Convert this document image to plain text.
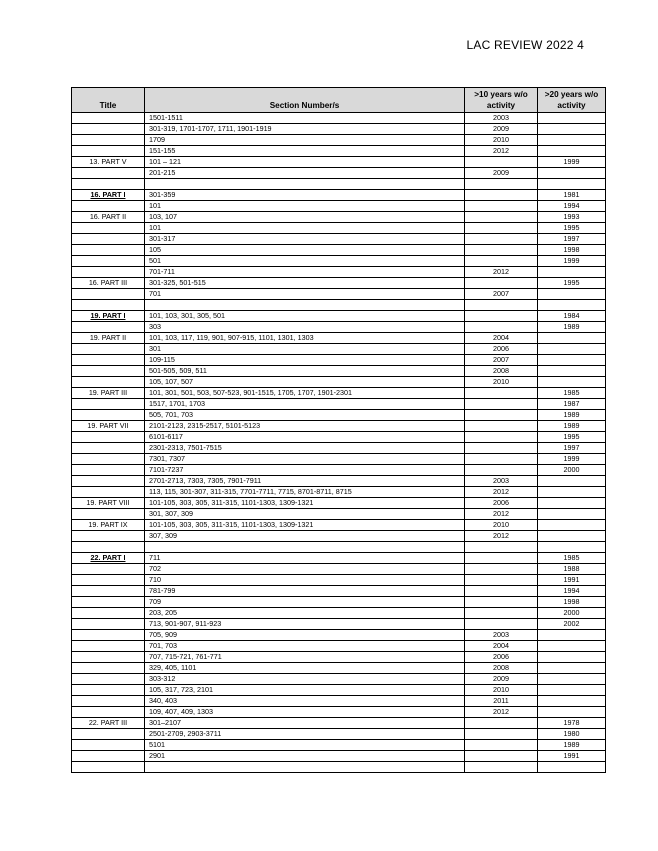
LAC REVIEW 2022 4
Title	Section Number/s	>10 years w/o activity	>20 years w/o activity
	1501-1511	2003	
	301-319, 1701-1707, 1711, 1901-1919	2009	
	1709	2010	
	151-155	2012	
13. PART V	101 – 121		1999
	201-215	2009	

16. PART I	301-359		1981
	101		1994
16. PART II	103, 107		1993
	101		1995
	301-317		1997
	105		1998
	501		1999
	701-711	2012	
16. PART III	301-325, 501-515		1995
	701	2007	

19. PART I	101, 103, 301, 305, 501		1984
	303		1989
19. PART II	101, 103, 117, 119, 901, 907-915, 1101, 1301, 1303	2004	
	301	2006	
	109-115	2007	
	501-505, 509, 511	2008	
	105, 107, 507	2010	
19. PART III	101, 301, 501, 503, 507-523, 901-1515, 1705, 1707, 1901-2301		1985
	1517, 1701, 1703		1987
	505, 701, 703		1989
19. PART VII	2101-2123, 2315-2517, 5101-5123		1989
	6101-6117		1995
	2301-2313, 7501-7515		1997
	7301, 7307		1999
	7101-7237		2000
	2701-2713, 7303, 7305, 7901-7911	2003	
	113, 115, 301-307, 311-315, 7701-7711, 7715, 8701-8711, 8715	2012	
19. PART VIII	101-105, 303, 305, 311-315, 1101-1303, 1309-1321	2006	
	301, 307, 309	2012	
19. PART IX	101-105, 303, 305, 311-315, 1101-1303, 1309-1321	2010	
	307, 309	2012	

22. PART I	711		1985
	702		1988
	710		1991
	781-799		1994
	709		1998
	203, 205		2000
	713, 901-907, 911-923		2002
	705, 909	2003	
	701, 703	2004	
	707, 715-721, 761-771	2006	
	329, 405, 1101	2008	
	303-312	2009	
	105, 317, 723, 2101	2010	
	340, 403	2011	
	109, 407, 409, 1303	2012	
22. PART III	301–2107		1978
	2501-2709, 2903-3711		1980
	5101		1989
	2901		1991
